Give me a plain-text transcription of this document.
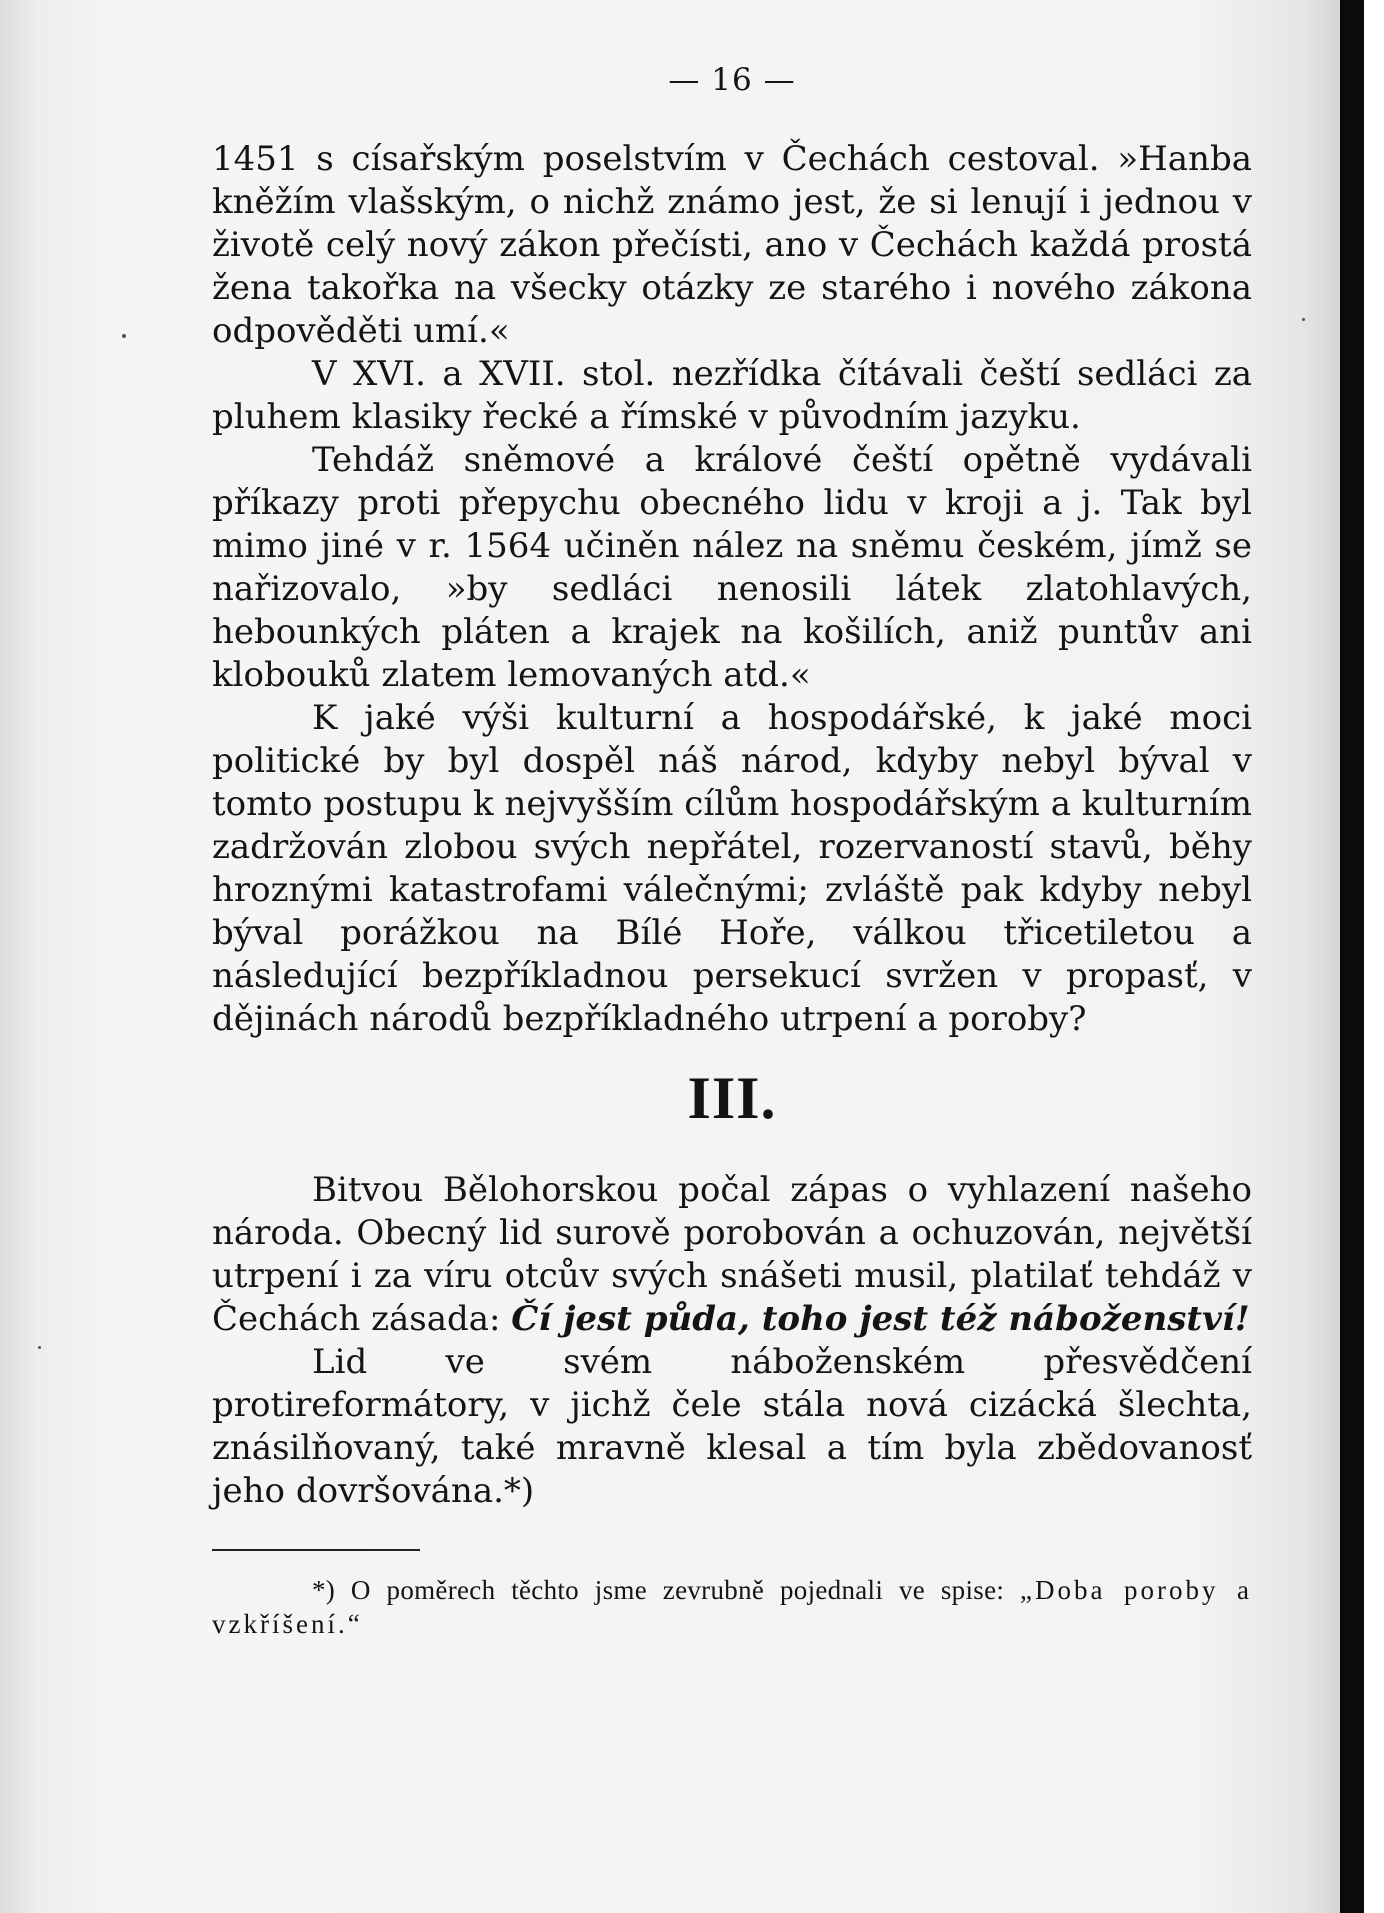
— 16 —

1451 s císařským poselstvím v Čechách cestoval. »Hanba kněžím vlašským, o nichž známo jest, že si lenují i jednou v životě celý nový zákon přečísti, ano v Čechách každá prostá žena takořka na všecky otázky ze starého i nového zákona odpověděti umí.«

V XVI. a XVII. stol. nezřídka čítávali čeští sedláci za pluhem klasiky řecké a římské v původním jazyku.

Tehdáž sněmové a králové čeští opětně vydávali příkazy proti přepychu obecného lidu v kroji a j. Tak byl mimo jiné v r. 1564 učiněn nález na sněmu českém, jímž se nařizovalo, »by sedláci nenosili látek zlatohlavých, hebounkých pláten a krajek na košilích, aniž puntův ani klobouků zlatem lemovaných atd.«

K jaké výši kulturní a hospodářské, k jaké moci politické by byl dospěl náš národ, kdyby nebyl býval v tomto postupu k nejvyšším cílům hospodářským a kulturním zadržován zlobou svých nepřátel, rozervaností stavů, běhy hroznými katastrofami válečnými; zvláště pak kdyby nebyl býval porážkou na Bílé Hoře, válkou třicetiletou a následující bezpříkladnou persekucí svržen v propasť, v dějinách národů bezpříkladného utrpení a poroby?

III.

Bitvou Bělohorskou počal zápas o vyhlazení našeho národa. Obecný lid surově porobován a ochuzován, největší utrpení i za víru otcův svých snášeti musil, platilať tehdáž v Čechách zásada: Čí jest půda, toho jest též náboženství!

Lid ve svém náboženském přesvědčení protireformátory, v jichž čele stála nová cizácká šlechta, znásilňovaný, také mravně klesal a tím byla zbědovanosť jeho dovršována.*)

*) O poměrech těchto jsme zevrubně pojednali ve spise: „Doba poroby a vzkříšení.“
